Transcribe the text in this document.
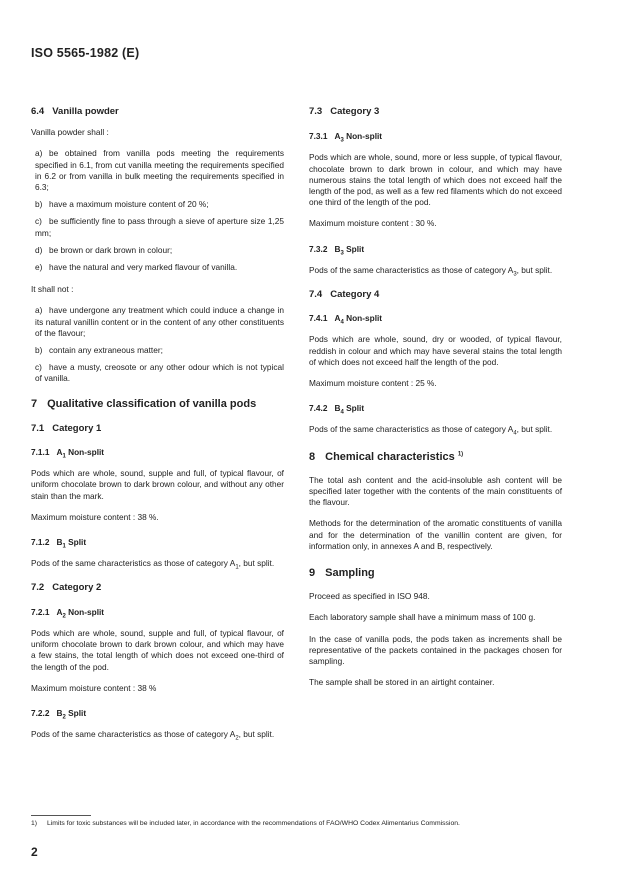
ISO 5565-1982 (E)
6.4 Vanilla powder

Vanilla powder shall :

a) be obtained from vanilla pods meeting the requirements specified in 6.1, from cut vanilla meeting the requirements specified in 6.2 or from vanilla in bulk meeting the requirements specified in 6.3;
b) have a maximum moisture content of 20 %;
c) be sufficiently fine to pass through a sieve of aperture size 1,25 mm;
d) be brown or dark brown in colour;
e) have the natural and very marked flavour of vanilla.

It shall not :

a) have undergone any treatment which could induce a change in its natural vanillin content or in the content of any other constituents of the flavour;
b) contain any extraneous matter;
c) have a musty, creosote or any other odour which is not typical of vanilla.
7 Qualitative classification of vanilla pods
7.1 Category 1
7.1.1 $A_1$ Non-split

Pods which are whole, sound, supple and full, of typical flavour, of uniform chocolate brown to dark brown colour, and without any other stain than the mark.

Maximum moisture content : 38 %.

7.1.2 $B_1$ Split

Pods of the same characteristics as those of category $A_1$, but split.

7.2 Category 2
7.2.1 $A_2$ Non-split

Pods which are whole, sound, supple and full, of typical flavour, of uniform chocolate brown to dark brown colour, and which may have a few stains, the total length of which does not exceed one-third of the length of the pod.

Maximum moisture content : 38 %

7.2.2 $B_2$ Split

Pods of the same characteristics as those of category $A_2$, but split.

7.3 Category 3
7.3.1 $A_3$ Non-split

Pods which are whole, sound, more or less supple, of typical flavour, chocolate brown to dark brown in colour, and which may have numerous stains the total length of which does not exceed half the length of the pod, as well as a few red filaments which do not exceed one third of the length of the pod.

Maximum moisture content : 30 %.

7.3.2 $B_3$ Split

Pods of the same characteristics as those of category $A_3$, but split.

7.4 Category 4
7.4.1 $A_4$ Non-split

Pods which are whole, sound, dry or wooded, of typical flavour, reddish in colour and which may have several stains the total length of which does not exceed half the length of the pod.

Maximum moisture content : 25 %.

7.4.2 $B_4$ Split

Pods of the same characteristics as those of category $A_4$, but split.

8 Chemical characteristics $^{1)}$

The total ash content and the acid-insoluble ash content will be specified later together with the contents of the main constituents of the flavour.

Methods for the determination of the aromatic constituents of vanilla and for the determination of the vanillin content are given, for information only, in annexes A and B, respectively.

9 Sampling

Proceed as specified in ISO 948.

Each laboratory sample shall have a minimum mass of 100 g.

In the case of vanilla pods, the pods taken as increments shall be representative of the packets contained in the packages chosen for sampling.

The sample shall be stored in an airtight container.

1) Limits for toxic substances will be included later, in accordance with the recommendations of FAO/WHO Codex Alimentarius Commission.
2
